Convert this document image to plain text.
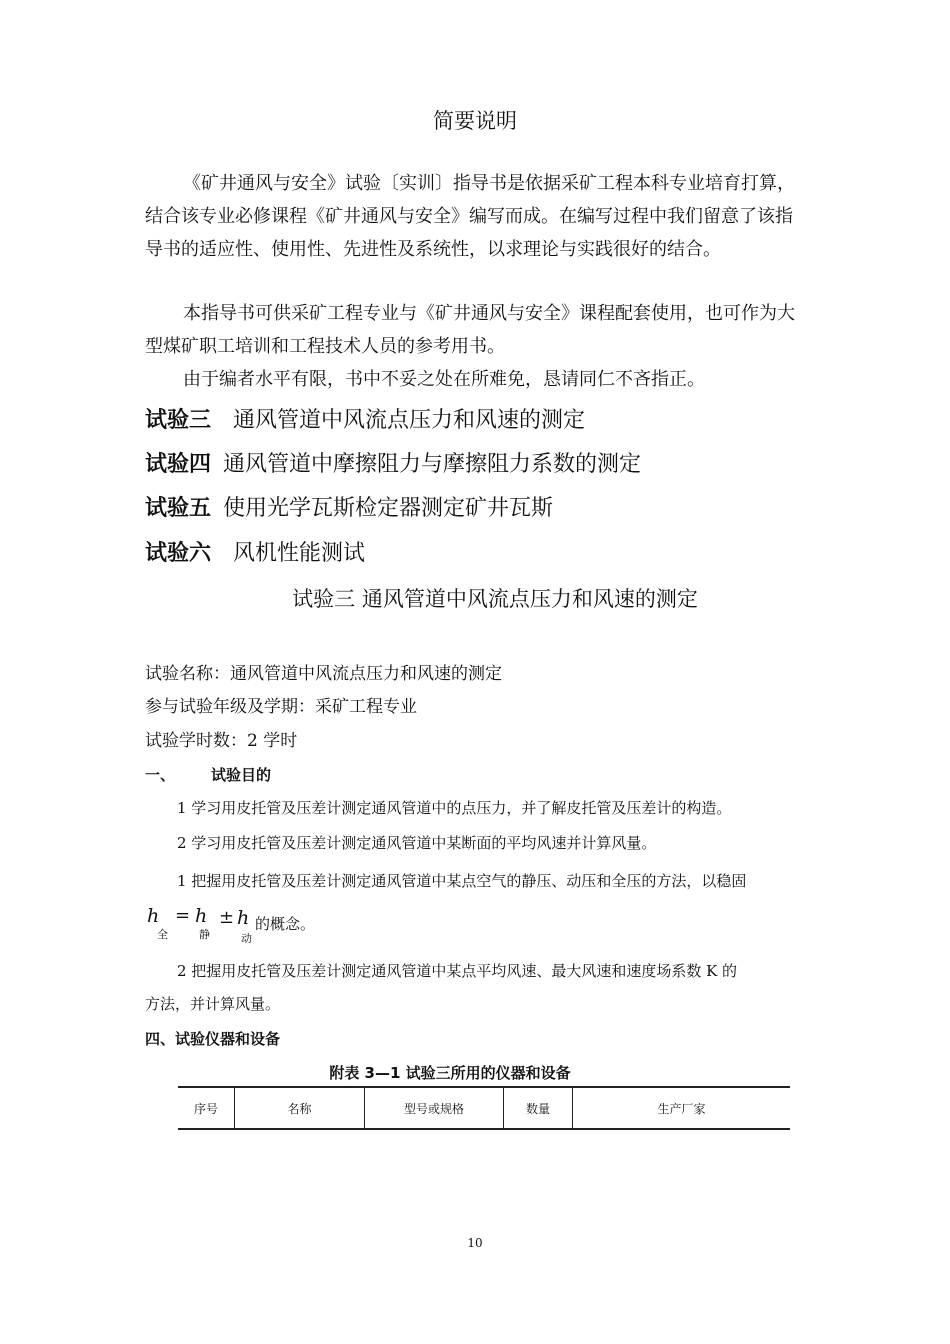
简要说明
《矿井通风与安全》试验〔实训〕指导书是依据采矿工程本科专业培育打算， 结合该专业必修课程《矿井通风与安全》编写而成。在编写过程中我们留意了该指导书的适应性、使用性、先进性及系统性，以求理论与实践很好的结合。
本指导书可供采矿工程专业与《矿井通风与安全》课程配套使用，也可作为大型煤矿职工培训和工程技术人员的参考用书。
由于编者水平有限，书中不妥之处在所难免，恳请同仁不吝指正。
试验三 通风管道中风流点压力和风速的测定
试验四 通风管道中摩擦阻力与摩擦阻力系数的测定
试验五 使用光学瓦斯检定器测定矿井瓦斯
试验六 风机性能测试
试验三 通风管道中风流点压力和风速的测定
试验名称：通风管道中风流点压力和风速的测定
参与试验年级及学期：采矿工程专业
试验学时数：2 学时
一、 试验目的
1 学习用皮托管及压差计测定通风管道中的点压力，并了解皮托管及压差计的构造。
2 学习用皮托管及压差计测定通风管道中某断面的平均风速并计算风量。
1 把握用皮托管及压差计测定通风管道中某点空气的静压、动压和全压的方法，以稳固
h
全
= h
静
± h
动
的概念。
2 把握用皮托管及压差计测定通风管道中某点平均风速、最大风速和速度场系数 K 的
方法，并计算风量。
四、试验仪器和设备
附表 3—1 试验三所用的仪器和设备
序号	名称	型号或规格	数量	生产厂家
10
